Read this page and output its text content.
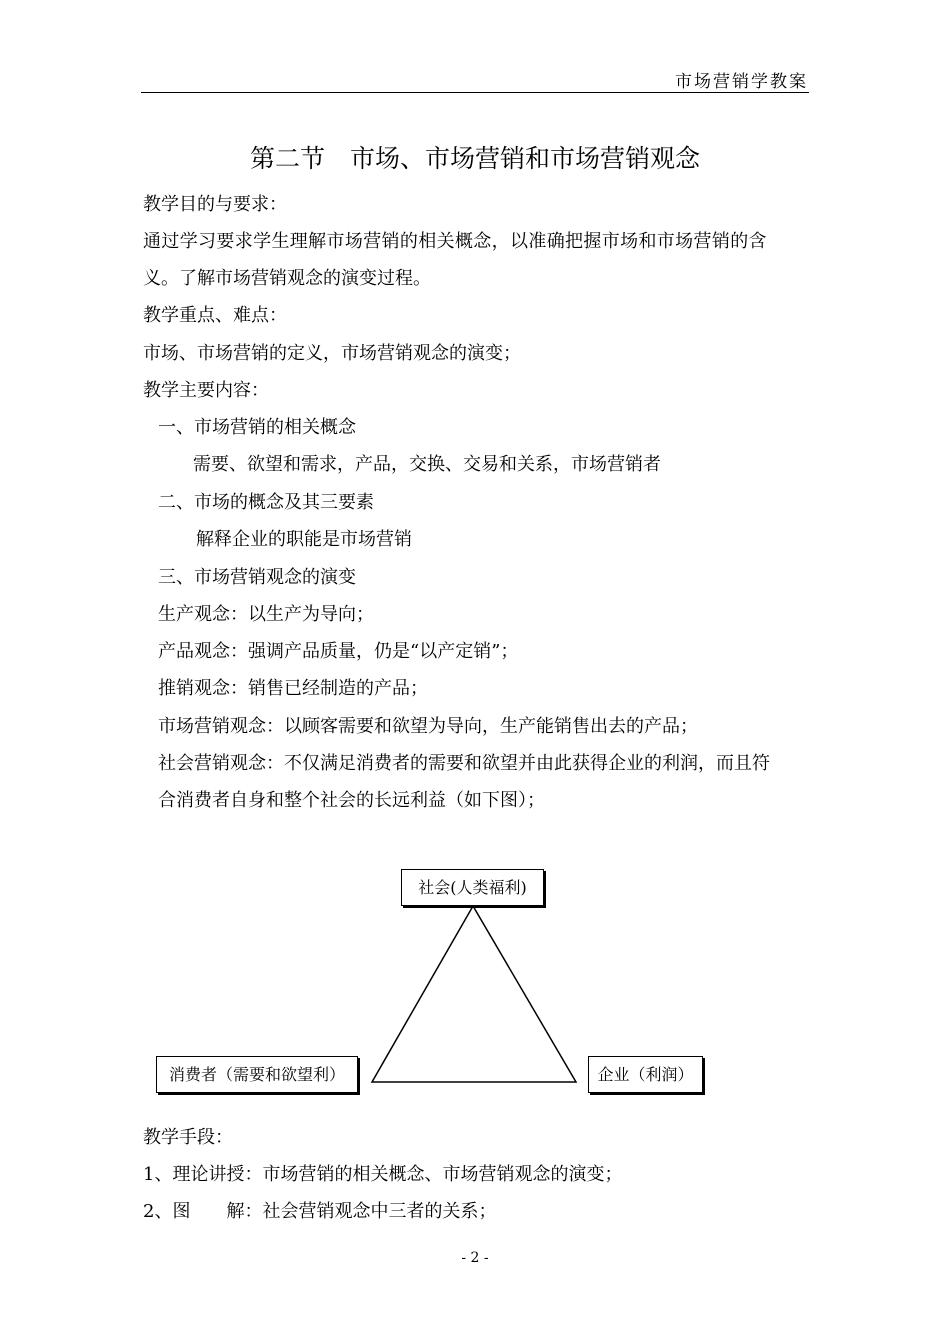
市场营销学教案
第二节　市场、市场营销和市场营销观念
教学目的与要求：
通过学习要求学生理解市场营销的相关概念，以准确把握市场和市场营销的含
义。了解市场营销观念的演变过程。
教学重点、难点：
市场、市场营销的定义，市场营销观念的演变；
教学主要内容：
一、市场营销的相关概念
需要、欲望和需求，产品，交换、交易和关系，市场营销者
二、市场的概念及其三要素
解释企业的职能是市场营销
三、市场营销观念的演变
生产观念：以生产为导向；
产品观念：强调产品质量，仍是“以产定销”；
推销观念：销售已经制造的产品；
市场营销观念：以顾客需要和欲望为导向，生产能销售出去的产品；
社会营销观念：不仅满足消费者的需要和欲望并由此获得企业的利润，而且符
合消费者自身和整个社会的长远利益（如下图）；
社会(人类福利)
消费者（需要和欲望利）	企业（利润）
教学手段：
1、理论讲授：市场营销的相关概念、市场营销观念的演变；
2、图　　解：社会营销观念中三者的关系；
- 2 -
